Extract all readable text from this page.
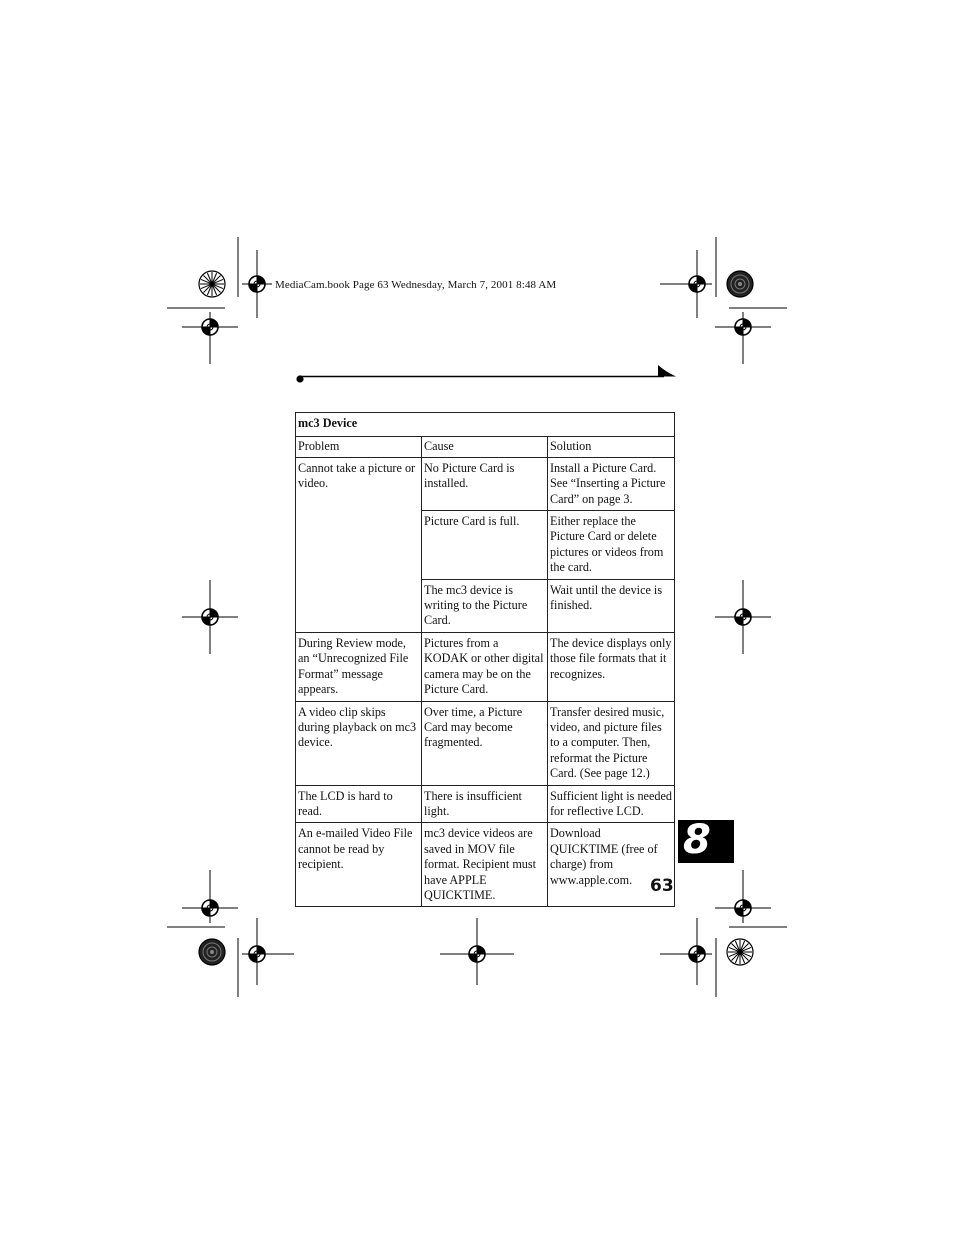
MediaCam.book Page 63 Wednesday, March 7, 2001 8:48 AM
mc3 Device		
Problem	Cause	Solution
Cannot take a picture or video.	No Picture Card is installed.	Install a Picture Card. See “Inserting a Picture Card” on page 3.
	Picture Card is full.	Either replace the Picture Card or delete pictures or videos from the card.
	The mc3 device is writing to the Picture Card.	Wait until the device is finished.
During Review mode, an “Unrecognized File Format” message appears.	Pictures from a KODAK or other digital camera may be on the Picture Card.	The device displays only those file formats that it recognizes.
A video clip skips during playback on mc3 device.	Over time, a Picture Card may become fragmented.	Transfer desired music, video, and picture files to a computer. Then, reformat the Picture Card. (See page 12.)
The LCD is hard to read.	There is insufficient light.	Sufficient light is needed for reflective LCD.
An e-mailed Video File cannot be read by recipient.	mc3 device videos are saved in MOV file format. Recipient must have APPLE QUICKTIME.	Download QUICKTIME (free of charge) from www.apple.com.
8
63
